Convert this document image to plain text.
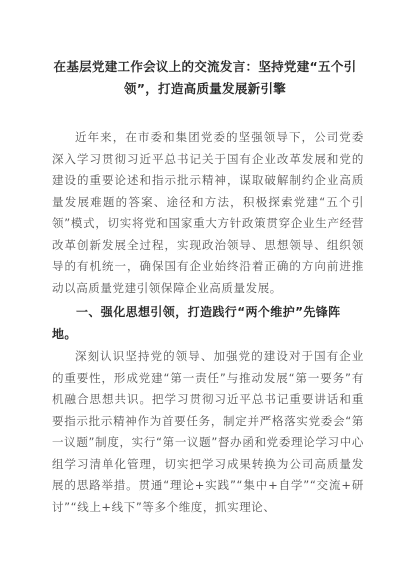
在基层党建工作会议上的交流发言：坚持党建“五个引领”，打造高质量发展新引擎

近年来，在市委和集团党委的坚强领导下，公司党委深入学习贯彻习近平总书记关于国有企业改革发展和党的建设的重要论述和指示批示精神，谋取破解制约企业高质量发展难题的答案、途径和方法，积极探索党建“五个引领”模式，切实将党和国家重大方针政策贯穿企业生产经营改革创新发展全过程，实现政治领导、思想领导、组织领导的有机统一，确保国有企业始终沿着正确的方向前进推动以高质量党建引领保障企业高质量发展。

一、强化思想引领，打造践行“两个维护”先锋阵地。

深刻认识坚持党的领导、加强党的建设对于国有企业的重要性，形成党建“第一责任”与推动发展“第一要务”有机融合思想共识。把学习贯彻习近平总书记重要讲话和重要指示批示精神作为首要任务，制定并严格落实党委会“第一议题”制度，实行“第一议题”督办函和党委理论学习中心组学习清单化管理，切实把学习成果转换为公司高质量发展的思路举措。贯通“理论+实践”“集中+自学”“交流+研讨”“线上+线下”等多个维度，抓实理论、
